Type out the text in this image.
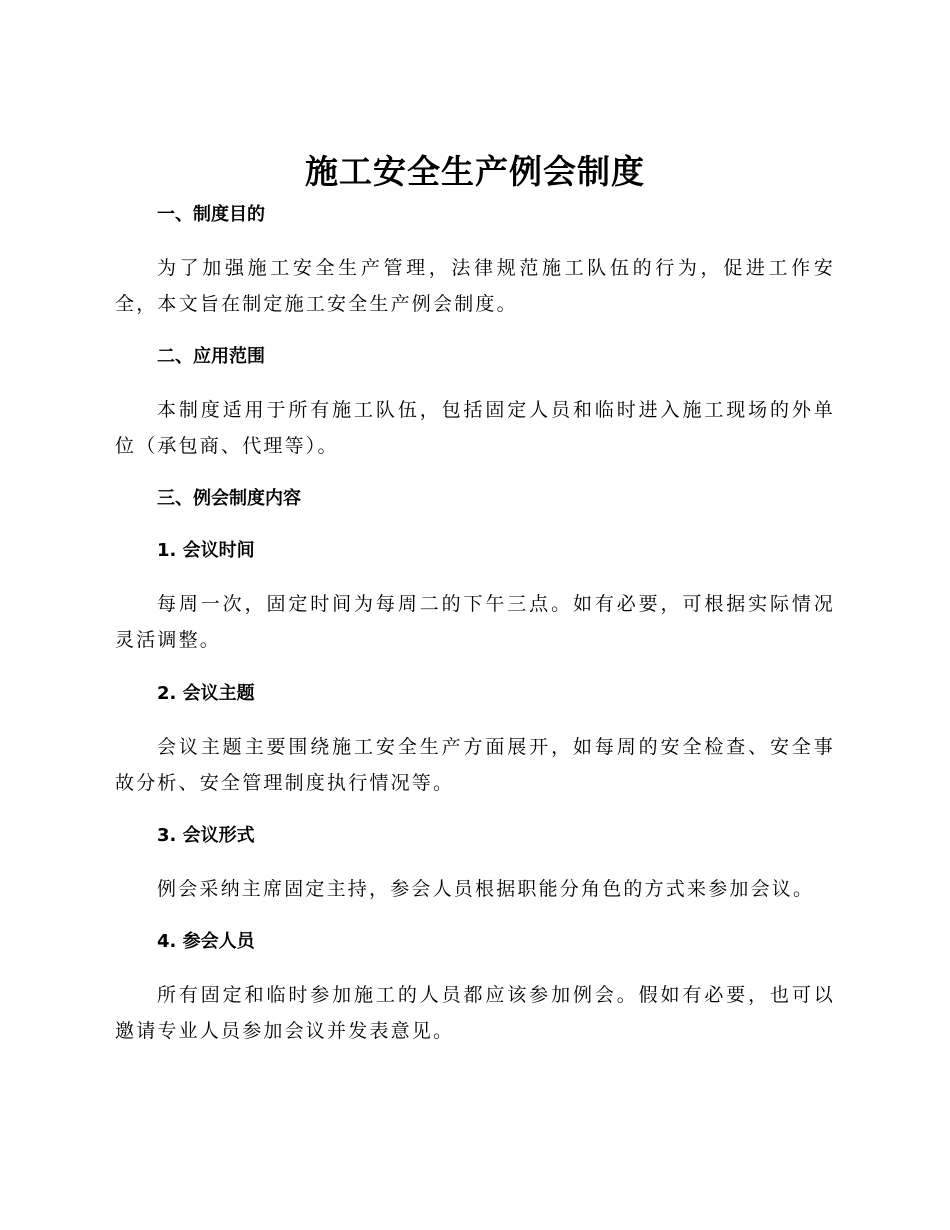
施工安全生产例会制度
一、制度目的

为了加强施工安全生产管理，法律规范施工队伍的行为，促进工作安全，本文旨在制定施工安全生产例会制度。

二、应用范围

本制度适用于所有施工队伍，包括固定人员和临时进入施工现场的外单位（承包商、代理等）。

三、例会制度内容
1. 会议时间

每周一次，固定时间为每周二的下午三点。如有必要，可根据实际情况灵活调整。

2. 会议主题

会议主题主要围绕施工安全生产方面展开，如每周的安全检查、安全事故分析、安全管理制度执行情况等。

3. 会议形式

例会采纳主席固定主持，参会人员根据职能分角色的方式来参加会议。

4. 参会人员

所有固定和临时参加施工的人员都应该参加例会。假如有必要，也可以邀请专业人员参加会议并发表意见。
